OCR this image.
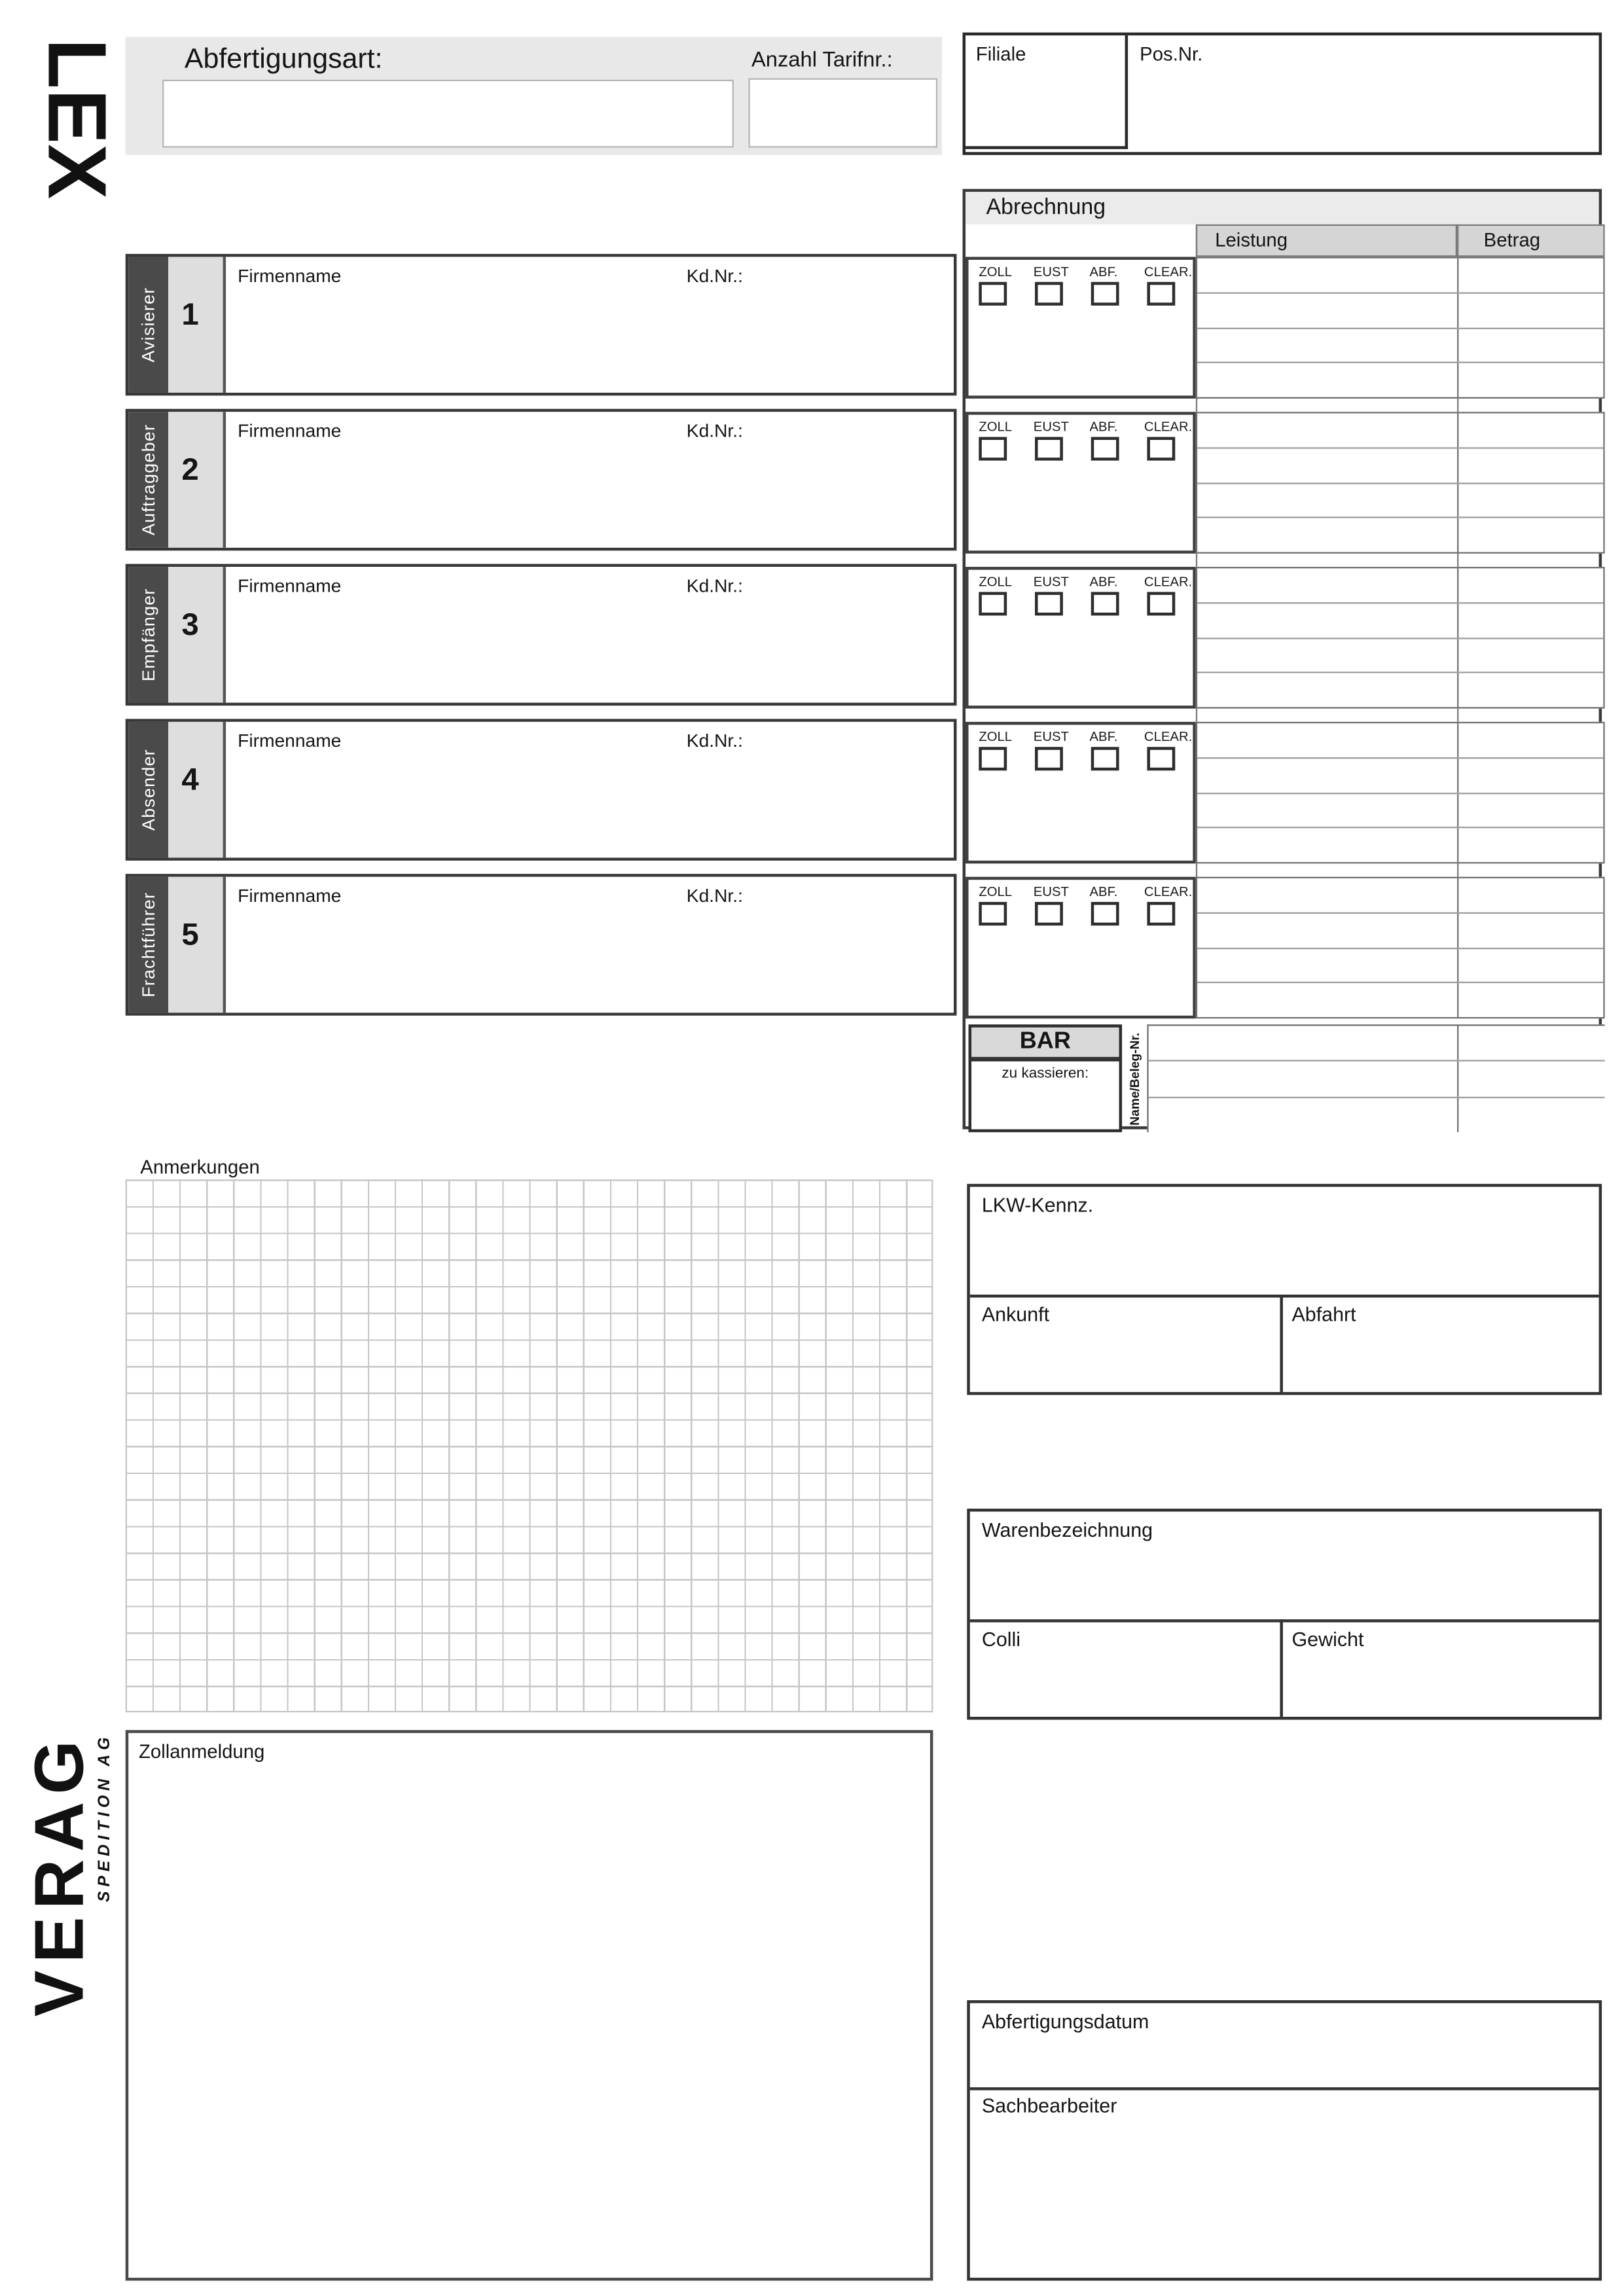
LEX	Abfertigungsart:	Anzahl Tarifnr.:	Filiale	Pos.Nr.
Abrechnung
Leistung	Betrag
ZOLL	EUST	ABF.	CLEAR.
ZOLL	EUST	ABF.	CLEAR.
ZOLL	EUST	ABF.	CLEAR.
ZOLL	EUST	ABF.	CLEAR.
ZOLL	EUST	ABF.	CLEAR.
BAR
zu kassieren:	Name/Beleg-Nr.
Avisierer	1
Firmenname	Kd.Nr.:
Auftraggeber	2
Firmenname	Kd.Nr.:
Empfänger	3
Firmenname	Kd.Nr.:
Absender	4
Firmenname	Kd.Nr.:
Frachtführer	5
Firmenname	Kd.Nr.:
Anmerkungen
LKW-Kennz.
Ankunft	Abfahrt
Warenbezeichnung
Colli	Gewicht
Zollanmeldung
Abfertigungsdatum
Sachbearbeiter
VERAG
SPEDITION AG
